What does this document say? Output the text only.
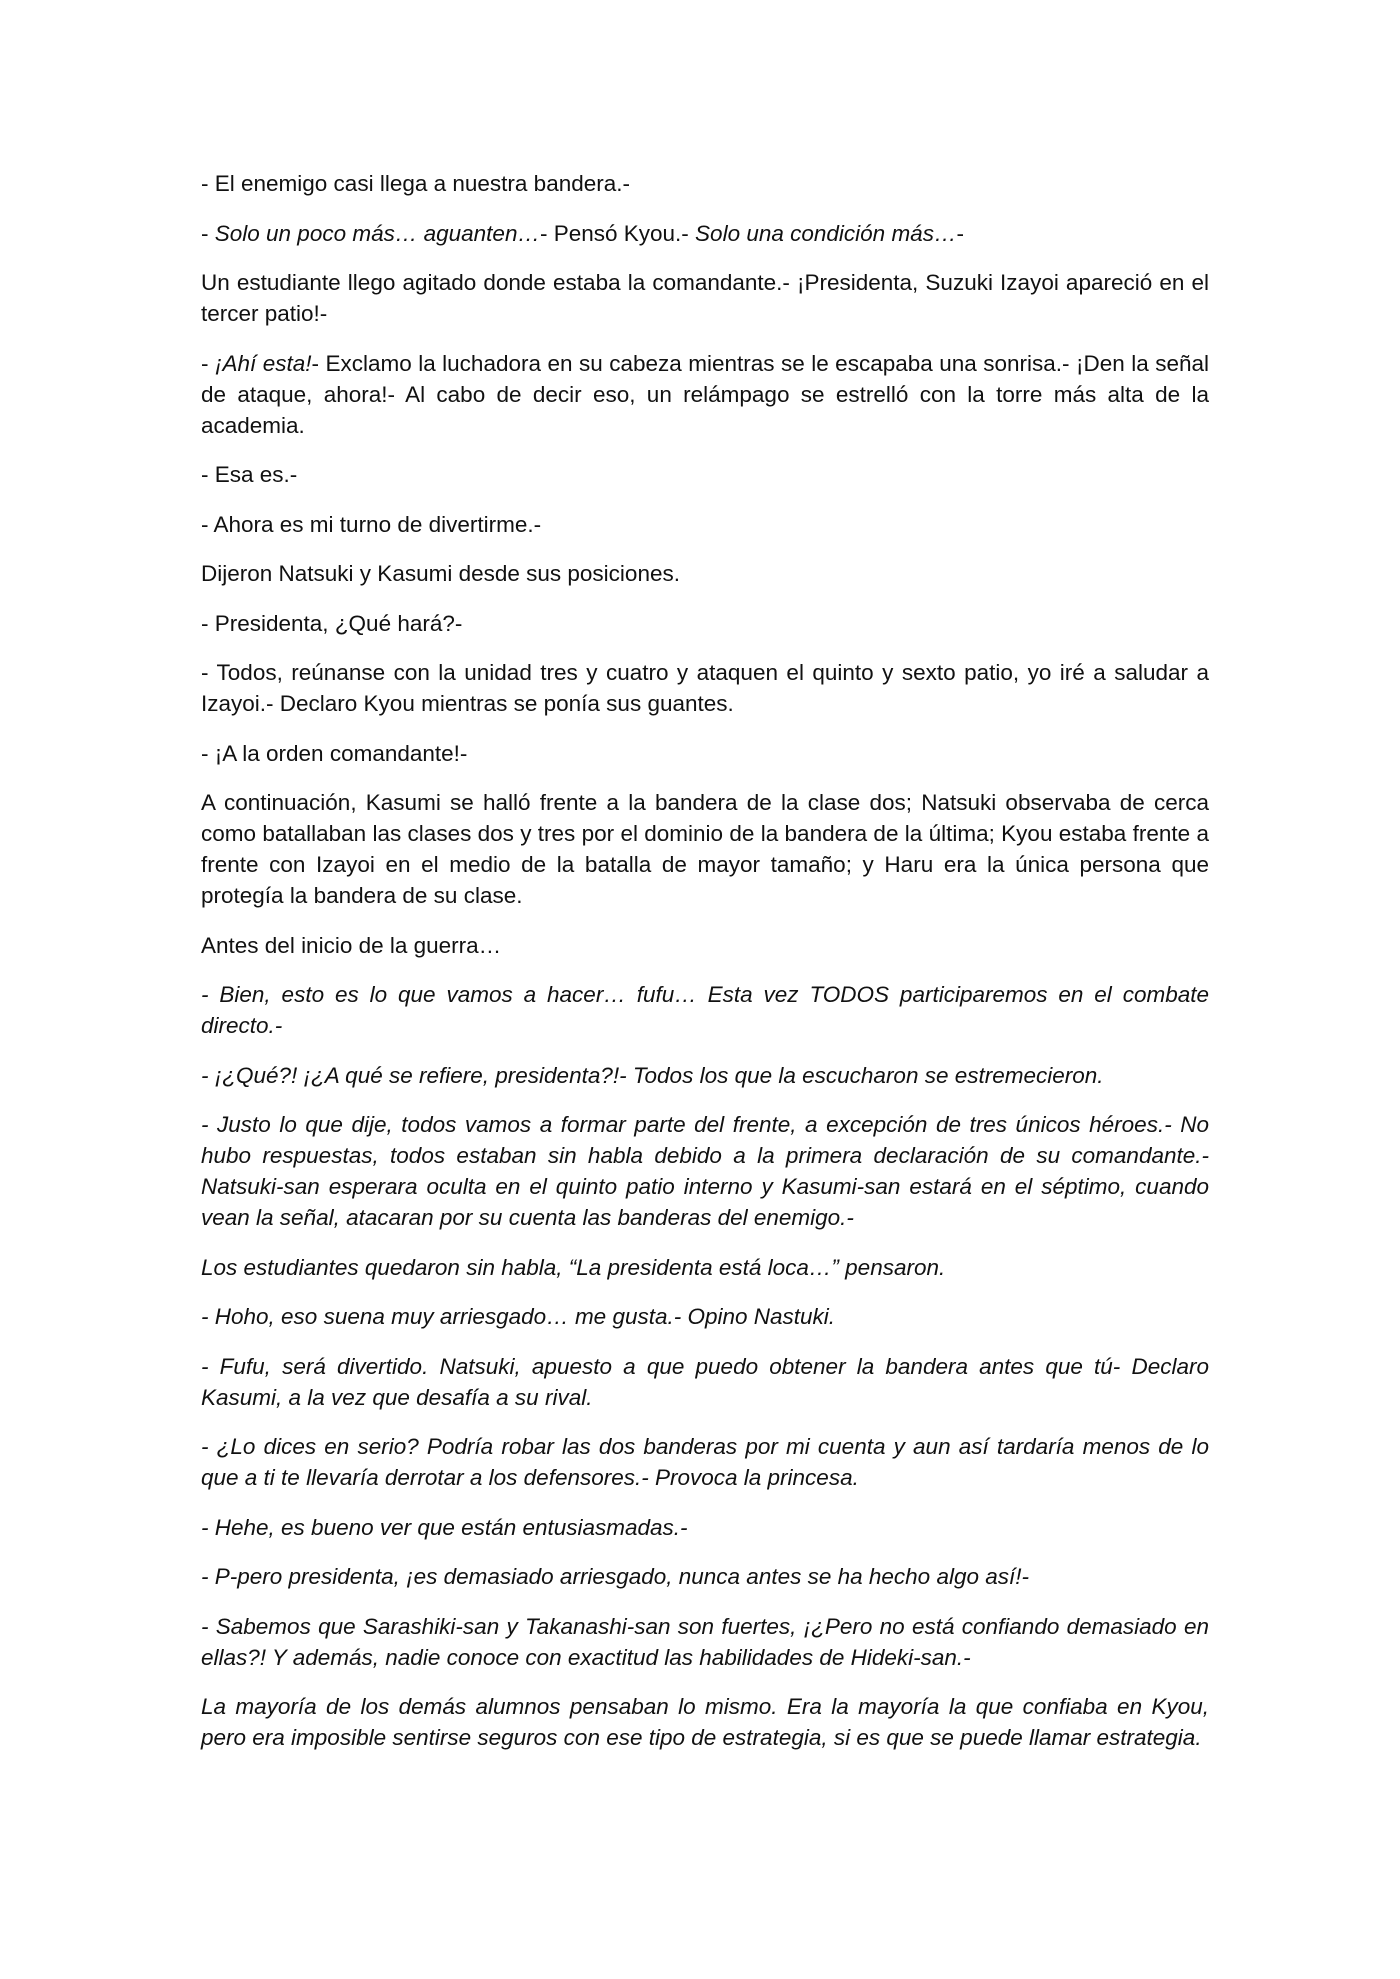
- El enemigo casi llega a nuestra bandera.-

- Solo un poco más… aguanten…- Pensó Kyou.- Solo una condición más…-

Un estudiante llego agitado donde estaba la comandante.- ¡Presidenta, Suzuki Izayoi apareció en el tercer patio!-

- ¡Ahí esta!- Exclamo la luchadora en su cabeza mientras se le escapaba una sonrisa.- ¡Den la señal de ataque, ahora!- Al cabo de decir eso, un relámpago se estrelló con la torre más alta de la academia.

- Esa es.-

- Ahora es mi turno de divertirme.-

Dijeron Natsuki y Kasumi desde sus posiciones.

- Presidenta, ¿Qué hará?-

- Todos, reúnanse con la unidad tres y cuatro y ataquen el quinto y sexto patio, yo iré a saludar a Izayoi.- Declaro Kyou mientras se ponía sus guantes.

- ¡A la orden comandante!-

A continuación, Kasumi se halló frente a la bandera de la clase dos; Natsuki observaba de cerca como batallaban las clases dos y tres por el dominio de la bandera de la última; Kyou estaba frente a frente con Izayoi en el medio de la batalla de mayor tamaño; y Haru era la única persona que protegía la bandera de su clase.

Antes del inicio de la guerra…

- Bien, esto es lo que vamos a hacer… fufu… Esta vez TODOS participaremos en el combate directo.-

- ¡¿Qué?! ¡¿A qué se refiere, presidenta?!- Todos los que la escucharon se estremecieron.

- Justo lo que dije, todos vamos a formar parte del frente, a excepción de tres únicos héroes.- No hubo respuestas, todos estaban sin habla debido a la primera declaración de su comandante.- Natsuki-san esperara oculta en el quinto patio interno y Kasumi-san estará en el séptimo, cuando vean la señal, atacaran por su cuenta las banderas del enemigo.-

Los estudiantes quedaron sin habla, “La presidenta está loca…” pensaron.

- Hoho, eso suena muy arriesgado… me gusta.- Opino Nastuki.

- Fufu, será divertido. Natsuki, apuesto a que puedo obtener la bandera antes que tú- Declaro Kasumi, a la vez que desafía a su rival.

- ¿Lo dices en serio? Podría robar las dos banderas por mi cuenta y aun así tardaría menos de lo que a ti te llevaría derrotar a los defensores.- Provoca la princesa.

- Hehe, es bueno ver que están entusiasmadas.-

- P-pero presidenta, ¡es demasiado arriesgado, nunca antes se ha hecho algo así!-

- Sabemos que Sarashiki-san y Takanashi-san son fuertes, ¡¿Pero no está confiando demasiado en ellas?! Y además, nadie conoce con exactitud las habilidades de Hideki-san.-

La mayoría de los demás alumnos pensaban lo mismo. Era la mayoría la que confiaba en Kyou, pero era imposible sentirse seguros con ese tipo de estrategia, si es que se puede llamar estrategia.
